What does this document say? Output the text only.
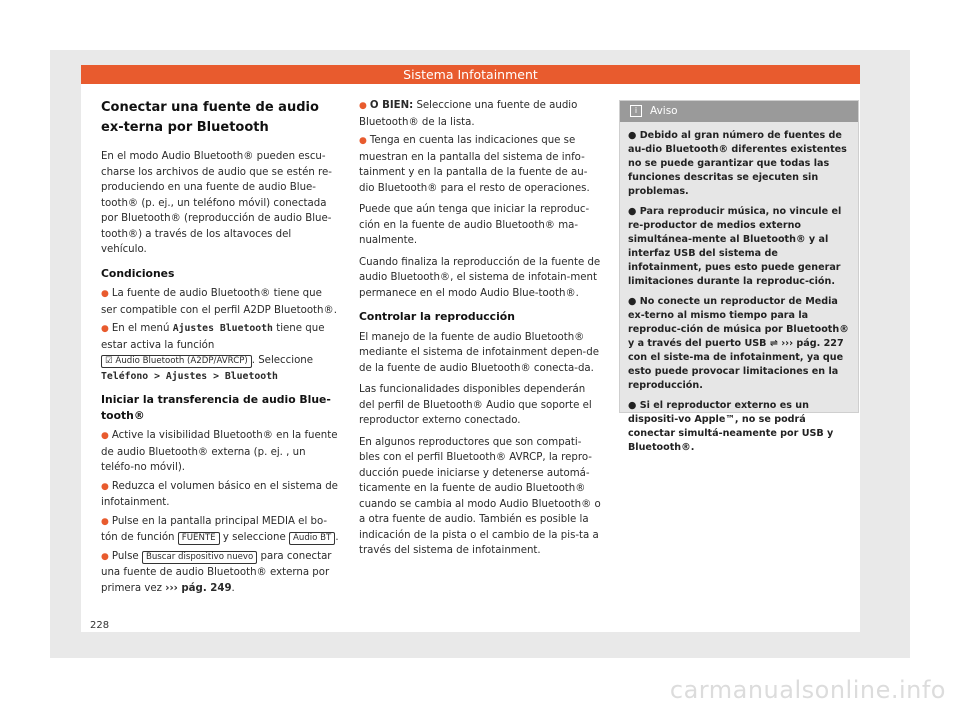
Sistema Infotainment
Conectar una fuente de audio ex-terna por Bluetooth

En el modo Audio Bluetooth® pueden escu-charse los archivos de audio que se estén re-produciendo en una fuente de audio Blue-tooth® (p. ej., un teléfono móvil) conectada por Bluetooth® (reproducción de audio Blue-tooth®) a través de los altavoces del vehículo.

Condiciones
● La fuente de audio Bluetooth® tiene que ser compatible con el perfil A2DP Bluetooth®.
● En el menú Ajustes Bluetooth tiene que estar activa la función
☑ Audio Bluetooth (A2DP/AVRCP) . Seleccione
Teléfono > Ajustes > Bluetooth
Iniciar la transferencia de audio Blue-tooth®
● Active la visibilidad Bluetooth® en la fuente de audio Bluetooth® externa (p. ej. , un teléfo-no móvil).
● Reduzca el volumen básico en el sistema de infotainment.
● Pulse en la pantalla principal MEDIA el bo-tón de función FUENTE y seleccione Audio BT .
● Pulse Buscar dispositivo nuevo para conectar una fuente de audio Bluetooth® externa por primera vez ››› pág. 249.
● O BIEN: Seleccione una fuente de audio Bluetooth® de la lista.
● Tenga en cuenta las indicaciones que se muestran en la pantalla del sistema de info-tainment y en la pantalla de la fuente de au-dio Bluetooth® para el resto de operaciones.

Puede que aún tenga que iniciar la reproduc-ción en la fuente de audio Bluetooth® ma-nualmente.

Cuando finaliza la reproducción de la fuente de audio Bluetooth®, el sistema de infotain-ment permanece en el modo Audio Blue-tooth®.

Controlar la reproducción

El manejo de la fuente de audio Bluetooth® mediante el sistema de infotainment depen-de de la fuente de audio Bluetooth® conecta-da.

Las funcionalidades disponibles dependerán del perfil de Bluetooth® Audio que soporte el reproductor externo conectado.

En algunos reproductores que son compati-bles con el perfil Bluetooth® AVRCP, la repro-ducción puede iniciarse y detenerse automá-ticamente en la fuente de audio Bluetooth® cuando se cambia al modo Audio Bluetooth® o a otra fuente de audio. También es posible la indicación de la pista o el cambio de la pis-ta a través del sistema de infotainment.

i Aviso
● Debido al gran número de fuentes de au-dio Bluetooth® diferentes existentes no se puede garantizar que todas las funciones descritas se ejecuten sin problemas.
● Para reproducir música, no vincule el re-productor de medios externo simultánea-mente al Bluetooth® y al interfaz USB del sistema de infotainment, pues esto puede generar limitaciones durante la reproduc-ción.
● No conecte un reproductor de Media ex-terno al mismo tiempo para la reproduc-ción de música por Bluetooth® y a través del puerto USB ⇌ ››› pág. 227 con el siste-ma de infotainment, ya que esto puede provocar limitaciones en la reproducción.
● Si el reproductor externo es un dispositi-vo Apple™, no se podrá conectar simultá-neamente por USB y Bluetooth®.
228
carmanualsonline.info
